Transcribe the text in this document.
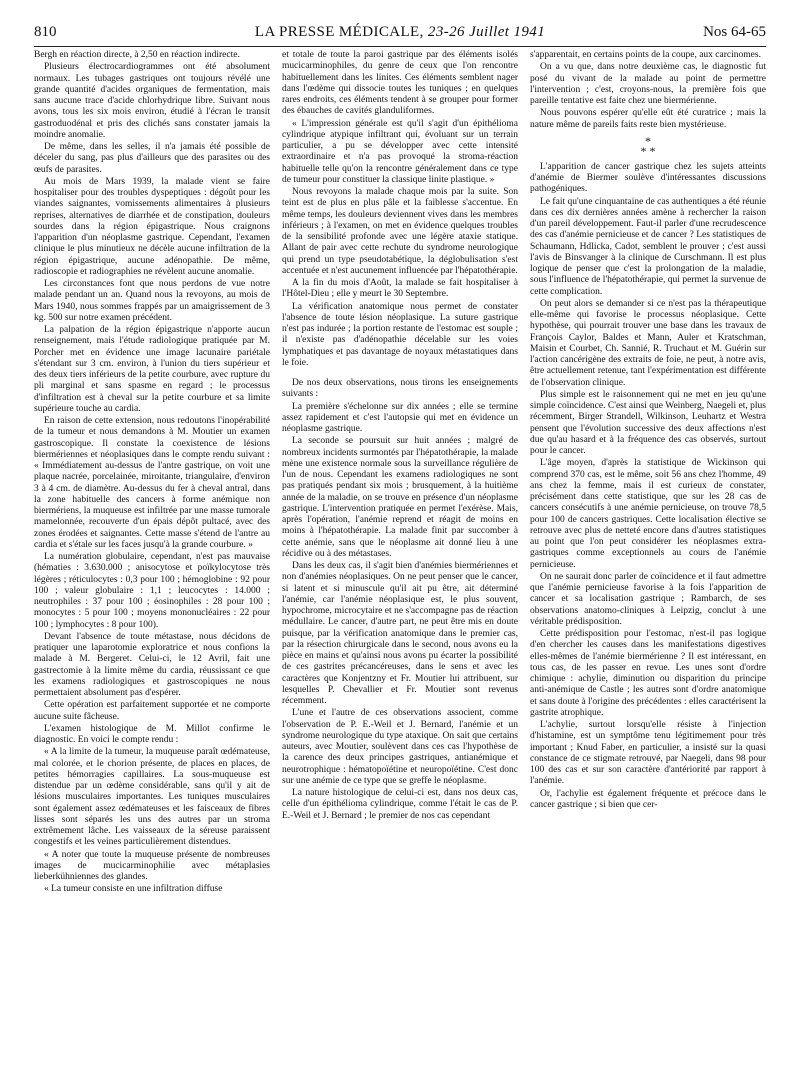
810	LA PRESSE MÉDICALE, 23-26 Juillet 1941	Nos 64-65

Bergh en réaction directe, à 2,50 en réaction indirecte.

Plusieurs électrocardiogrammes ont été absolument normaux. Les tubages gastriques ont toujours révélé une grande quantité d'acides organiques de fermentation, mais sans aucune trace d'acide chlorhydrique libre. Suivant nous avons, tous les six mois environ, étudié à l'écran le transit gastroduodénal et pris des clichés sans constater jamais la moindre anomalie.

De même, dans les selles, il n'a jamais été possible de déceler du sang, pas plus d'ailleurs que des parasites ou des œufs de parasites.

Au mois de Mars 1939, la malade vient se faire hospitaliser pour des troubles dyspeptiques : dégoût pour les viandes saignantes, vomissements alimentaires à plusieurs reprises, alternatives de diarrhée et de constipation, douleurs sourdes dans la région épigastrique. Nous craignons l'apparition d'un néoplasme gastrique. Cependant, l'examen clinique le plus minutieux ne décèle aucune infiltration de la région épigastrique, aucune adénopathie. De même, radioscopie et radiographies ne révèlent aucune anomalie.

Les circonstances font que nous perdons de vue notre malade pendant un an. Quand nous la revoyons, au mois de Mars 1940, nous sommes frappés par un amaigrissement de 3 kg. 500 sur notre examen précédent.

La palpation de la région épigastrique n'apporte aucun renseignement, mais l'étude radiologique pratiquée par M. Porcher met en évidence une image lacunaire pariétale s'étendant sur 3 cm. environ, à l'union du tiers supérieur et des deux tiers inférieurs de la petite courbure, avec rupture du pli marginal et sans spasme en regard ; le processus d'infiltration est à cheval sur la petite courbure et sa limite supérieure touche au cardia.

En raison de cette extension, nous redoutons l'inopérabilité de la tumeur et nous demandons à M. Moutier un examen gastroscopique. Il constate la coexistence de lésions biermériennes et néoplasiques dans le compte rendu suivant : « Immédiatement au-dessus de l'antre gastrique, on voit une plaque nacrée, porcelainée, miroitante, triangulaire, d'environ 3 à 4 cm. de diamètre. Au-dessus du fer à cheval antral, dans la zone habituelle des cancers à forme anémique non biermériens, la muqueuse est infiltrée par une masse tumorale mamelonnée, recouverte d'un épais dépôt pultacé, avec des zones érodées et saignantes. Cette masse s'étend de l'antre au cardia et s'étale sur les faces jusqu'à la grande courbure. »

La numération globulaire, cependant, n'est pas mauvaise (hématies : 3.630.000 ; anisocytose et poïkylocytose très légères ; réticulocytes : 0,3 pour 100 ; hémoglobine : 92 pour 100 ; valeur globulaire : 1,1 ; leucocytes : 14.000 ; neutrophiles : 37 pour 100 ; éosinophiles : 28 pour 100 ; monocytes : 5 pour 100 ; moyens mononucléaires : 22 pour 100 ; lymphocytes : 8 pour 100).

Devant l'absence de toute métastase, nous décidons de pratiquer une laparotomie exploratrice et nous confions la malade à M. Bergeret. Celui-ci, le 12 Avril, fait une gastrectomie à la limite même du cardia, réussissant ce que les examens radiologiques et gastroscopiques ne nous permettaient absolument pas d'espérer.

Cette opération est parfaitement supportée et ne comporte aucune suite fâcheuse.

L'examen histologique de M. Millot confirme le diagnostic. En voici le compte rendu :

« A la limite de la tumeur, la muqueuse paraît œdémateuse, mal colorée, et le chorion présente, de places en places, de petites hémorragies capillaires. La sous-muqueuse est distendue par un œdème considérable, sans qu'il y ait de lésions musculaires importantes. Les tuniques musculaires sont également assez œdémateuses et les faisceaux de fibres lisses sont séparés les uns des autres par un stroma extrêmement lâche. Les vaisseaux de la séreuse paraissent congestifs et les veines particulièrement distendues.

« A noter que toute la muqueuse présente de nombreuses images de mucicarminophilie avec métaplasies lieberkühniennes des glandes.

« La tumeur consiste en une infiltration diffuse

et totale de toute la paroi gastrique par des éléments isolés mucicarminophiles, du genre de ceux que l'on rencontre habituellement dans les linites. Ces éléments semblent nager dans l'œdème qui dissocie toutes les tuniques ; en quelques rares endroits, ces éléments tendent à se grouper pour former des ébauches de cavités glanduliformes.

« L'impression générale est qu'il s'agit d'un épithélioma cylindrique atypique infiltrant qui, évoluant sur un terrain particulier, a pu se développer avec cette intensité extraordinaire et n'a pas provoqué la stroma-réaction habituelle telle qu'on la rencontre généralement dans ce type de tumeur pour constituer la classique linite plastique. »

Nous revoyons la malade chaque mois par la suite. Son teint est de plus en plus pâle et la faiblesse s'accentue. En même temps, les douleurs deviennent vives dans les membres inférieurs ; à l'examen, on met en évidence quelques troubles de la sensibilité profonde avec une légère ataxie statique. Allant de pair avec cette rechute du syndrome neurologique qui prend un type pseudotabétique, la déglobulisation s'est accentuée et n'est aucunement influencée par l'hépatothérapie.

A la fin du mois d'Août, la malade se fait hospitaliser à l'Hôtel-Dieu ; elle y meurt le 30 Septembre.

La vérification anatomique nous permet de constater l'absence de toute lésion néoplasique. La suture gastrique n'est pas indurée ; la portion restante de l'estomac est souple ; il n'existe pas d'adénopathie décelable sur les voies lymphatiques et pas davantage de noyaux métastatiques dans le foie.

De nos deux observations, nous tirons les enseignements suivants :

La première s'échelonne sur dix années ; elle se termine assez rapidement et c'est l'autopsie qui met en évidence un néoplasme gastrique.

La seconde se poursuit sur huit années ; malgré de nombreux incidents surmontés par l'hépatothérapie, la malade mène une existence normale sous la surveillance régulière de l'un de nous. Cependant les examens radiologiques ne sont pas pratiqués pendant six mois ; brusquement, à la huitième année de la maladie, on se trouve en présence d'un néoplasme gastrique. L'intervention pratiquée en permet l'exérèse. Mais, après l'opération, l'anémie reprend et réagit de moins en moins à l'hépatothérapie. La malade finit par succomber à cette anémie, sans que le néoplasme ait donné lieu à une récidive ou à des métastases.

Dans les deux cas, il s'agit bien d'anémies biermériennes et non d'anémies néoplasiques. On ne peut penser que le cancer, si latent et si minuscule qu'il ait pu être, ait déterminé l'anémie, car l'anémie néoplasique est, le plus souvent, hypochrome, microcytaire et ne s'accompagne pas de réaction médullaire. Le cancer, d'autre part, ne peut être mis en doute puisque, par la vérification anatomique dans le premier cas, par la résection chirurgicale dans le second, nous avons eu la pièce en mains et qu'ainsi nous avons pu écarter la possibilité de ces gastrites précancéreuses, dans le sens et avec les caractères que Konjentzny et Fr. Moutier lui attribuent, sur lesquelles P. Chevallier et Fr. Moutier sont revenus récemment.

L'une et l'autre de ces observations associent, comme l'observation de P. E.-Weil et J. Bernard, l'anémie et un syndrome neurologique du type ataxique. On sait que certains auteurs, avec Moutier, soulèvent dans ces cas l'hypothèse de la carence des deux principes gastriques, antianémique et neurotrophique : hématopoïétine et neuropoïétine. C'est donc sur une anémie de ce type que se greffe le néoplasme.

La nature histologique de celui-ci est, dans nos deux cas, celle d'un épithélioma cylindrique, comme l'était le cas de P. E.-Weil et J. Bernard ; le premier de nos cas cependant

s'apparentait, en certains points de la coupe, aux carcinomes.

On a vu que, dans notre deuxième cas, le diagnostic fut posé du vivant de la malade au point de permettre l'intervention ; c'est, croyons-nous, la première fois que pareille tentative est faite chez une biermérienne.

Nous pouvons espérer qu'elle eût été curatrice ; mais la nature même de pareils faits reste bien mystérieuse.

*
* *

L'apparition de cancer gastrique chez les sujets atteints d'anémie de Biermer soulève d'intéressantes discussions pathogéniques.

Le fait qu'une cinquantaine de cas authentiques a été réunie dans ces dix dernières années amène à rechercher la raison d'un pareil développement. Faut-il parler d'une recrudescence des cas d'anémie pernicieuse et de cancer ? Les statistiques de Schaumann, Hdlicka, Cadot, semblent le prouver ; c'est aussi l'avis de Binsvanger à la clinique de Curschmann. Il est plus logique de penser que c'est la prolongation de la maladie, sous l'influence de l'hépatothérapie, qui permet la survenue de cette complication.

On peut alors se demander si ce n'est pas la thérapeutique elle-même qui favorise le processus néoplasique. Cette hypothèse, qui pourrait trouver une base dans les travaux de François Caylor, Baldes et Mann, Auler et Kratschman, Maisin et Courbet, Ch. Sannié, R. Truchaut et M. Guérin sur l'action cancérigène des extraits de foie, ne peut, à notre avis, être actuellement retenue, tant l'expérimentation est différente de l'observation clinique.

Plus simple est le raisonnement qui ne met en jeu qu'une simple coïncidence. C'est ainsi que Weinberg, Naegeli et, plus récemment, Birger Strandell, Wilkinson, Leuhartz et Westra pensent que l'évolution successive des deux affections n'est due qu'au hasard et à la fréquence des cas observés, surtout pour le cancer.

L'âge moyen, d'après la statistique de Wickinson qui comprend 370 cas, est le même, soit 56 ans chez l'homme, 49 ans chez la femme, mais il est curieux de constater, précisément dans cette statistique, que sur les 28 cas de cancers consécutifs à une anémie pernicieuse, on trouve 78,5 pour 100 de cancers gastriques. Cette localisation élective se retrouve avec plus de netteté encore dans d'autres statistiques au point que l'on peut considérer les néoplasmes extra-gastriques comme exceptionnels au cours de l'anémie pernicieuse.

On ne saurait donc parler de coïncidence et il faut admettre que l'anémie pernicieuse favorise à la fois l'apparition de cancer et sa localisation gastrique ; Rambarch, de ses observations anatomo-cliniques à Leipzig, conclut à une véritable prédisposition.

Cette prédisposition pour l'estomac, n'est-il pas logique d'en chercher les causes dans les manifestations digestives elles-mêmes de l'anémie biermérienne ? Il est intéressant, en tous cas, de les passer en revue. Les unes sont d'ordre chimique : achylie, diminution ou disparition du principe anti-anémique de Castle ; les autres sont d'ordre anatomique et sans doute à l'origine des précédentes : elles caractérisent la gastrite atrophique.

L'achylie, surtout lorsqu'elle résiste à l'injection d'histamine, est un symptôme tenu légitimement pour très important ; Knud Faber, en particulier, a insisté sur la quasi constance de ce stigmate retrouvé, par Naegeli, dans 98 pour 100 des cas et sur son caractère d'antériorité par rapport à l'anémie.

Or, l'achylie est également fréquente et précoce dans le cancer gastrique ; si bien que cer-
